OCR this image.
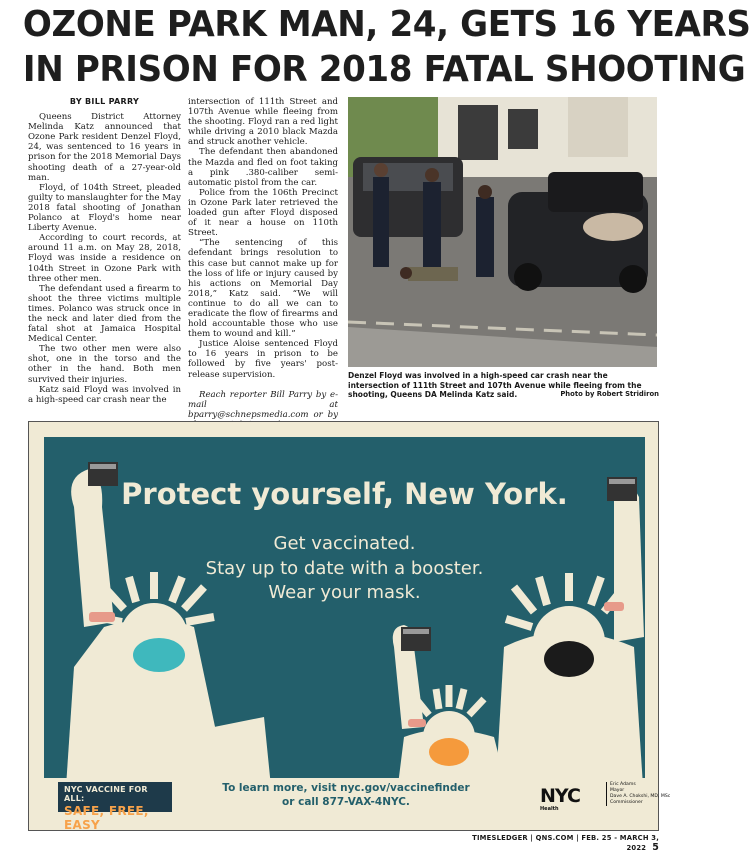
OZONE PARK MAN, 24, GETS 16 YEARS
IN PRISON FOR 2018 FATAL SHOOTING
BY BILL PARRY

Queens District Attorney Melinda Katz announced that Ozone Park resident Denzel Floyd, 24, was sentenced to 16 years in prison for the 2018 Memorial Days shooting death of a 27-year-old man.

Floyd, of 104th Street, pleaded guilty to manslaughter for the May 2018 fatal shooting of Jonathan Polanco at Floyd's home near Liberty Avenue.

According to court records, at around 11 a.m. on May 28, 2018, Floyd was inside a residence on 104th Street in Ozone Park with three other men.

The defendant used a firearm to shoot the three victims multiple times. Polanco was struck once in the neck and later died from the fatal shot at Jamaica Hospital Medical Center.

The two other men were also shot, one in the torso and the other in the hand. Both men survived their injuries.

Katz said Floyd was involved in a high-speed car crash near the

intersection of 111th Street and 107th Avenue while fleeing from the shooting. Floyd ran a red light while driving a 2010 black Mazda and struck another vehicle.

The defendant then abandoned the Mazda and fled on foot taking a pink .380-caliber semi-automatic pistol from the car.

Police from the 106th Precinct in Ozone Park later retrieved the loaded gun after Floyd disposed of it near a house on 110th Street.

“The sentencing of this defendant brings resolution to this case but cannot make up for the loss of life or injury caused by his actions on Memorial Day 2018,” Katz said. “We will continue to do all we can to eradicate the flow of firearms and hold accountable those who use them to wound and kill.”

Justice Aloise sentenced Floyd to 16 years in prison to be followed by five years' post-release supervision.

Reach reporter Bill Parry by e-mail at bparry@schnepsmedia.com or by

Denzel Floyd was involved in a high-speed car crash near the intersection of 111th Street and 107th Avenue while fleeing from the shooting, Queens DA Melinda Katz said.	Photo by Robert Stridiron
Protect yourself, New York.
Get vaccinated.
Stay up to date with a booster.
Wear your mask.
NYC VACCINE FOR ALL:
SAFE, FREE, EASY
To learn more, visit nyc.gov/vaccinefinder
or call 877-VAX-4NYC.	NYC
Health
Eric Adams
Mayor
Dave A. Chokshi, MD, MSc
Commissioner
TIMESLEDGER | QNS.COM | FEB. 25 - MARCH 3, 2022 5
